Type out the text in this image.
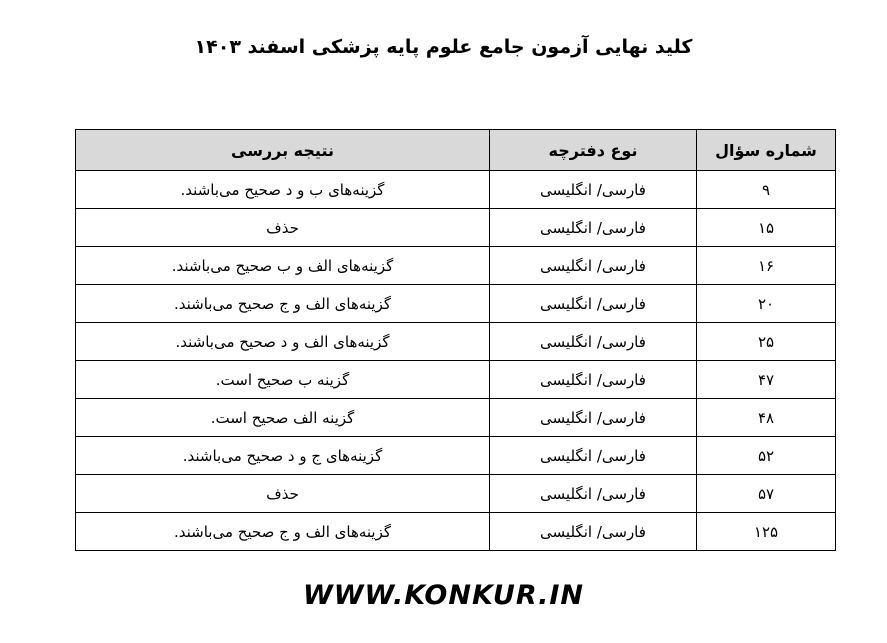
کلید نهایی آزمون جامع علوم پایه پزشکی اسفند ۱۴۰۳
شماره سؤال	نوع دفترچه	نتیجه بررسی
۹	فارسی/ انگلیسی	گزینه‌های ب و د صحیح می‌باشند.
۱۵	فارسی/ انگلیسی	حذف
۱۶	فارسی/ انگلیسی	گزینه‌های الف و ب صحیح می‌باشند.
۲۰	فارسی/ انگلیسی	گزینه‌های الف و ج صحیح می‌باشند.
۲۵	فارسی/ انگلیسی	گزینه‌های الف و د صحیح می‌باشند.
۴۷	فارسی/ انگلیسی	گزینه ب صحیح است.
۴۸	فارسی/ انگلیسی	گزینه الف صحیح است.
۵۲	فارسی/ انگلیسی	گزینه‌های ج و د صحیح می‌باشند.
۵۷	فارسی/ انگلیسی	حذف
۱۲۵	فارسی/ انگلیسی	گزینه‌های الف و ج صحیح می‌باشند.
WWW.KONKUR.IN
